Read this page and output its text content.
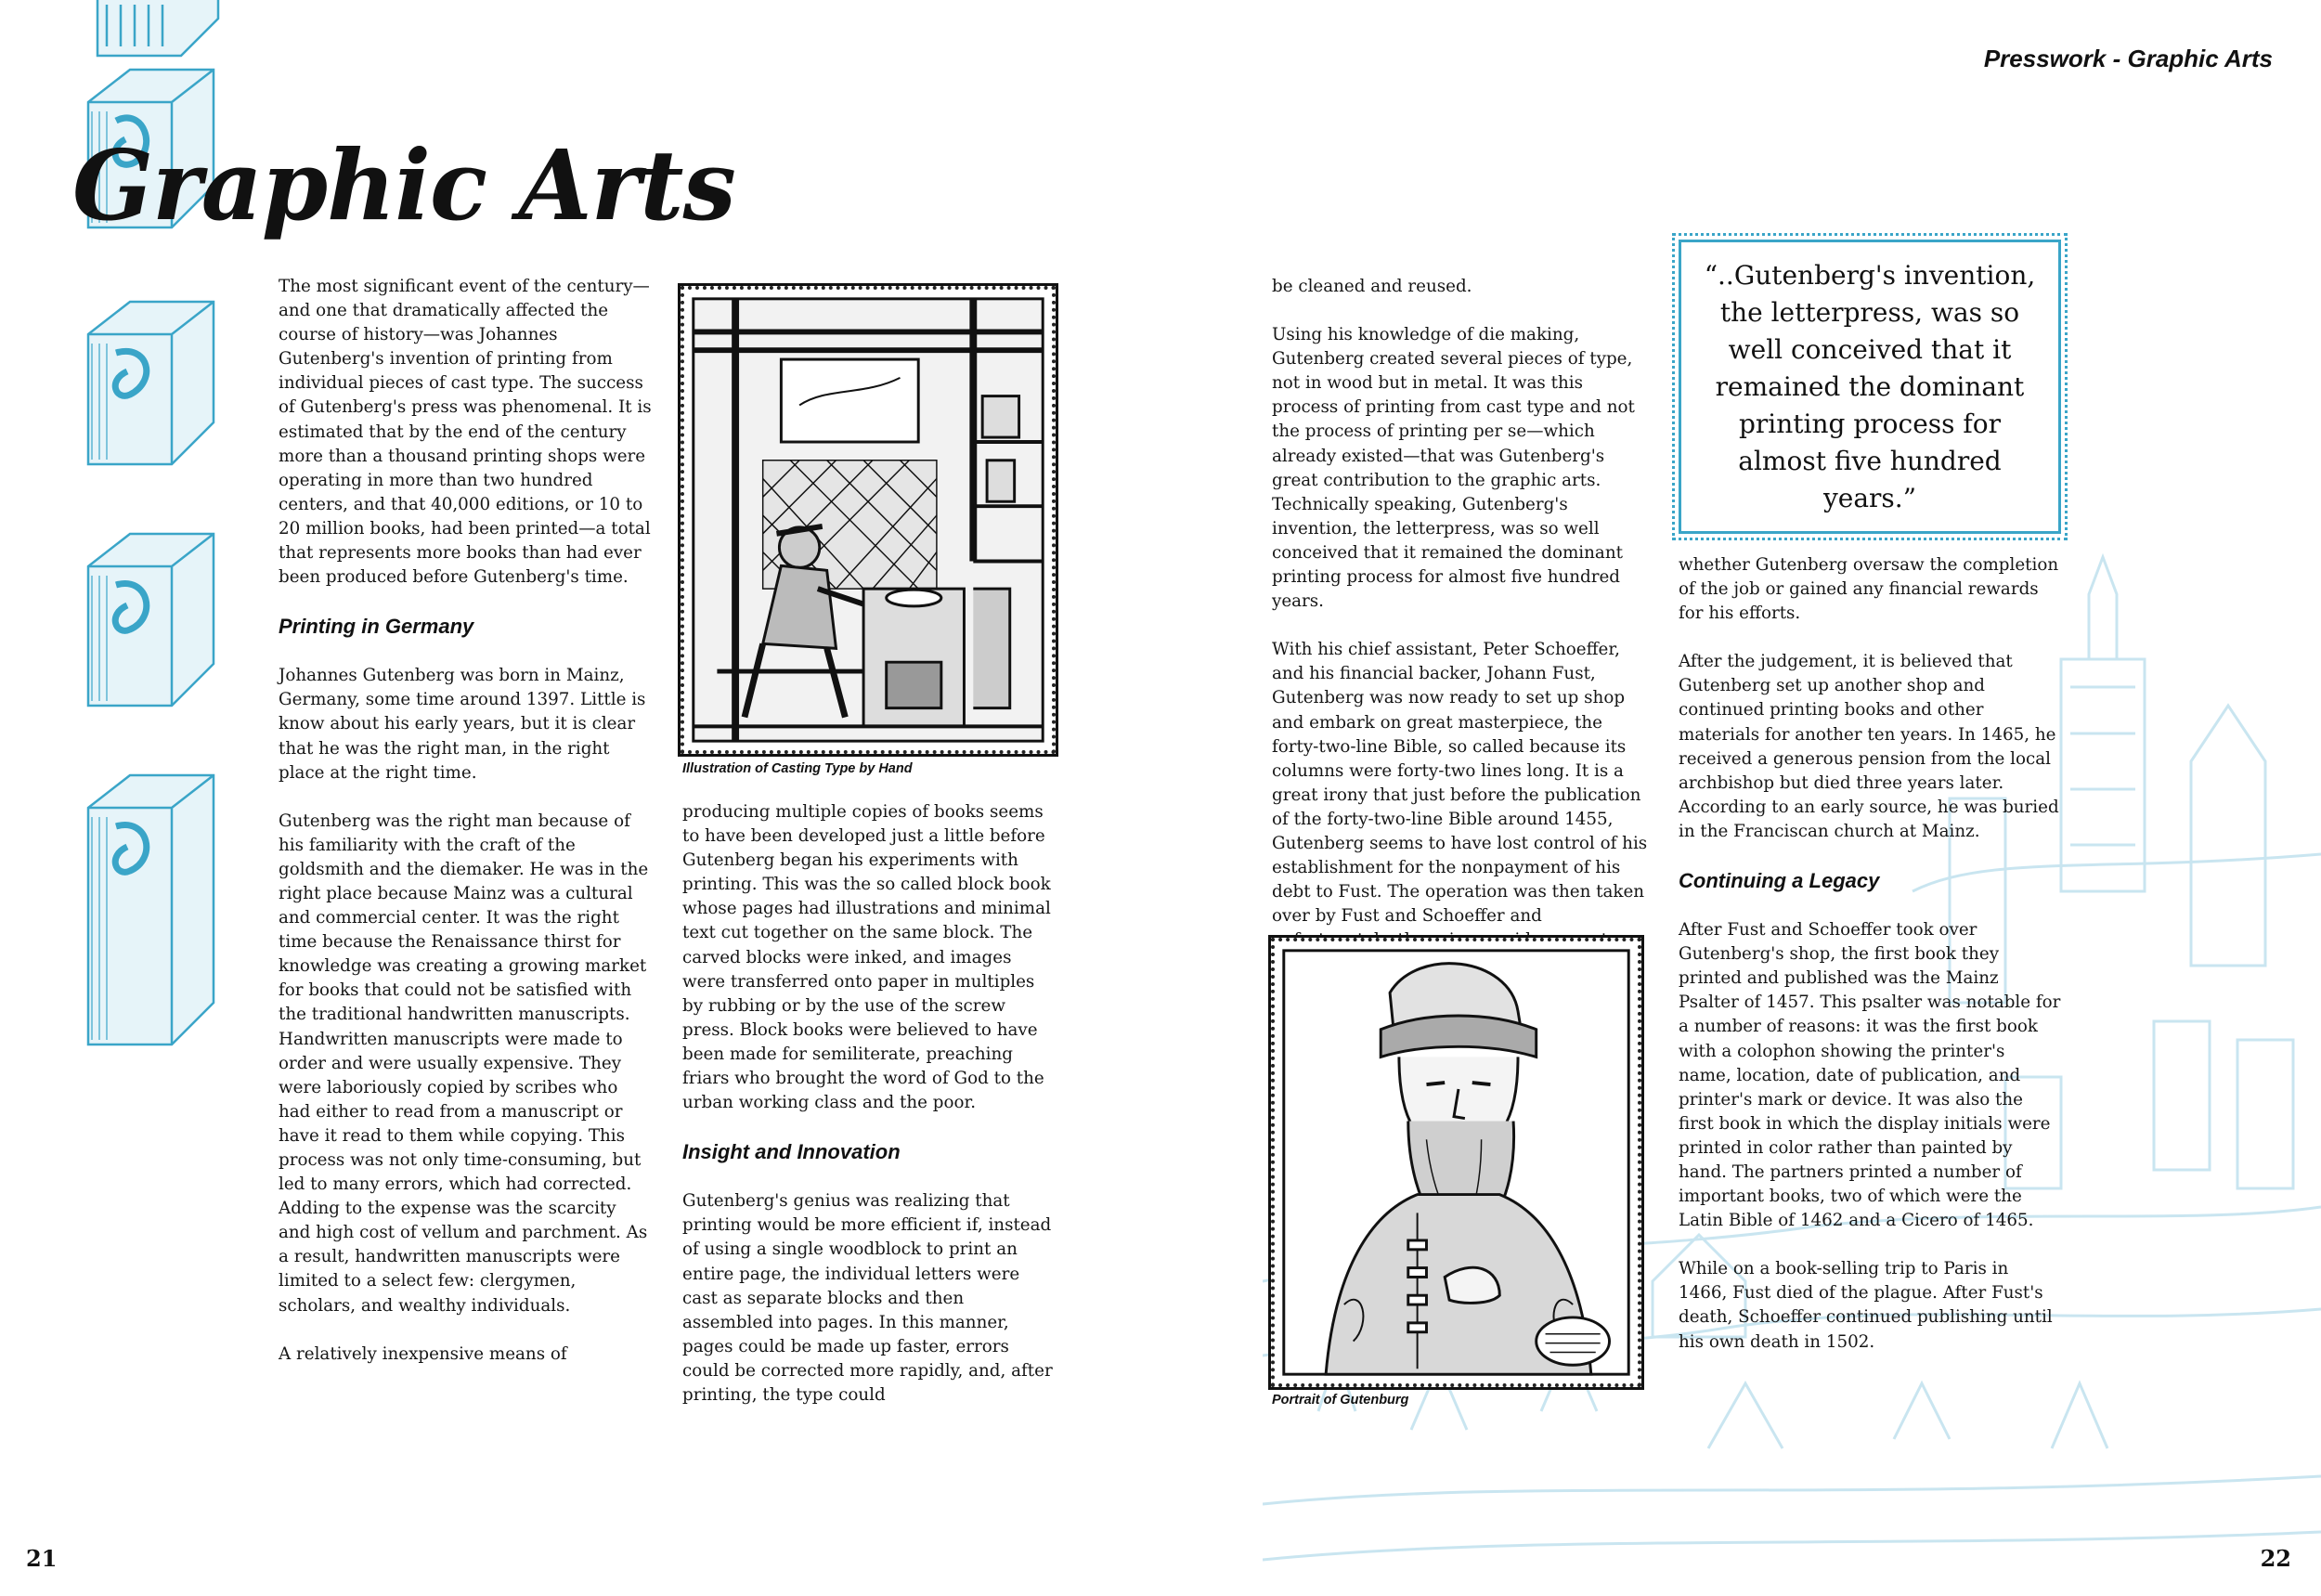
Graphic Arts

The most significant event of the century—and one that dramatically affected the course of history—was Johannes Gutenberg's invention of printing from individual pieces of cast type. The success of Gutenberg's press was phenomenal. It is estimated that by the end of the century more than a thousand printing shops were operating in more than two hundred centers, and that 40,000 editions, or 10 to 20 million books, had been printed—a total that represents more books than had ever been produced before Gutenberg's time.

Printing in Germany

Johannes Gutenberg was born in Mainz, Germany, some time around 1397. Little is know about his early years, but it is clear that he was the right man, in the right place at the right time.

Gutenberg was the right man because of his familiarity with the craft of the goldsmith and the diemaker. He was in the right place because Mainz was a cultural and commercial center. It was the right time because the Renaissance thirst for knowledge was creating a growing market for books that could not be satisfied with the traditional handwritten manuscripts. Handwritten manuscripts were made to order and were usually expensive. They were laboriously copied by scribes who had either to read from a manuscript or have it read to them while copying. This process was not only time-consuming, but led to many errors, which had corrected. Adding to the expense was the scarcity and high cost of vellum and parchment. As a result, handwritten manuscripts were limited to a select few: clergymen, scholars, and wealthy individuals.

A relatively inexpensive means of

Illustration of Casting Type by Hand

producing multiple copies of books seems to have been developed just a little before Gutenberg began his experiments with printing. This was the so called block book whose pages had illustrations and minimal text cut together on the same block. The carved blocks were inked, and images were transferred onto paper in multiples by rubbing or by the use of the screw press. Block books were believed to have been made for semiliterate, preaching friars who brought the word of God to the urban working class and the poor.

Insight and Innovation

Gutenberg's genius was realizing that printing would be more efficient if, instead of using a single woodblock to print an entire page, the individual letters were cast as separate blocks and then assembled into pages. In this manner, pages could be made up faster, errors could be corrected more rapidly, and, after printing, the type could

21
Presswork - Graphic Arts

be cleaned and reused.

Using his knowledge of die making, Gutenberg created several pieces of type, not in wood but in metal. It was this process of printing from cast type and not the process of printing per se—which already existed—that was Gutenberg's great contribution to the graphic arts. Technically speaking, Gutenberg's invention, the letterpress, was so well conceived that it remained the dominant printing process for almost five hundred years.

With his chief assistant, Peter Schoeffer, and his financial backer, Johann Fust, Gutenberg was now ready to set up shop and embark on great masterpiece, the forty-two-line Bible, so called because its columns were forty-two lines long. It is a great irony that just before the publication of the forty-two-line Bible around 1455, Gutenberg seems to have lost control of his establishment for the nonpayment of his debt to Fust. The operation was then taken over by Fust and Schoeffer and

Portrait of Gutenburg
“..Gutenberg's invention, the letterpress, was so well conceived that it remained the dominant printing process for almost five hundred years.”

whether Gutenberg oversaw the completion of the job or gained any financial rewards for his efforts.

After the judgement, it is believed that Gutenberg set up another shop and continued printing books and other materials for another ten years. In 1465, he received a generous pension from the local archbishop but died three years later. According to an early source, he was buried in the Franciscan church at Mainz.

Continuing a Legacy

After Fust and Schoeffer took over Gutenberg's shop, the first book they printed and published was the Mainz Psalter of 1457. This psalter was notable for a number of reasons: it was the first book with a colophon showing the printer's name, location, date of publication, and printer's mark or device. It was also the first book in which the display initials were printed in color rather than painted by hand. The partners printed a number of important books, two of which were the Latin Bible of 1462 and a Cicero of 1465.

While on a book-selling trip to Paris in 1466, Fust died of the plague. After Fust's death, Schoeffer continued publishing until his own death in 1502.

22
